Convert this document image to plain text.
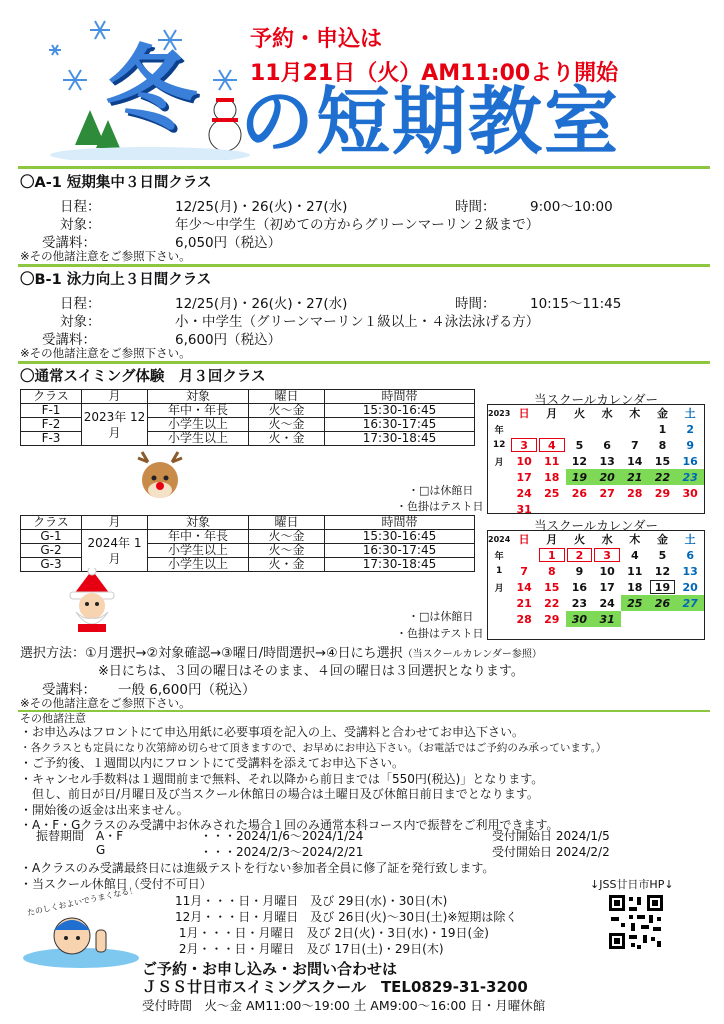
冬 予約・申込は
11月21日（火）AM11:00より開始
の短期教室
〇A-1 短期集中３日間クラス
日程：	12/25(月)・26(火)・27(水)	時間：	9:00〜10:00
対象：	年少〜中学生（初めての方からグリーンマーリン２級まで）
受講料：	6,050円（税込）
※その他諸注意をご参照下さい。
〇B-1 泳力向上３日間クラス
日程：	12/25(月)・26(火)・27(水)	時間：	10:15〜11:45
対象：	小・中学生（グリーンマーリン１級以上・４泳法泳げる方）
受講料：	6,600円（税込）
※その他諸注意をご参照下さい。
〇通常スイミング体験　月３回クラス
クラス	月	対象	曜日	時間帯
F-1	2023年 12月	年中・年長	火〜金	15:30-16:45
F-2		小学生以上	火〜金	16:30-17:45
F-3		小学生以上	火・金	17:30-18:45
・□は休館日
・色掛はテスト日
当スクールカレンダー
2023	日	月	火	水	木	金	土
年						1	2
12	3	4	5	6	7	8	9
月	10	11	12	13	14	15	16
	17	18	19	20	21	22	23
	24	25	26	27	28	29	30
	31						
クラス	月	対象	曜日	時間帯
G-1	2024年 1月	年中・年長	火〜金	15:30-16:45
G-2		小学生以上	火〜金	16:30-17:45
G-3		小学生以上	火・金	17:30-18:45
・□は休館日
・色掛はテスト日
当スクールカレンダー
2024	日	月	火	水	木	金	土
年		1	2	3	4	5	6
1	7	8	9	10	11	12	13
月	14	15	16	17	18	19	20
	21	22	23	24	25	26	27
	28	29	30	31			
選択方法：①月選択→②対象確認→③曜日/時間選択→④日にち選択（当スクールカレンダー参照）
※日にちは、３回の曜日はそのまま、４回の曜日は３回選択となります。
受講料： 一般 6,600円（税込）
※その他諸注意をご参照下さい。
その他諸注意
・お申込みはフロントにて申込用紙に必要事項を記入の上、受講料と合わせてお申込下さい。
・各クラスとも定員になり次第締め切らせて頂きますので、お早めにお申込下さい。（お電話ではご予約のみ承っています。）
・ご予約後、１週間以内にフロントにて受講料を添えてお申込下さい。
・キャンセル手数料は１週間前まで無料、それ以降から前日までは「550円(税込)」となります。
　但し、前日が日/月曜日及び当スクール休館日の場合は土曜日及び休館日前日までとなります。
・開始後の返金は出来ません。
・A・F・Gクラスのみ受講中お休みされた場合１回のみ通常本科コース内で振替をご利用できます。
振替期間 A・F	・・・2024/1/6〜2024/1/24	受付開始日 2024/1/5
G	・・・2024/2/3〜2024/2/21	受付開始日 2024/2/2
・Aクラスのみ受講最終日には進級テストを行ない参加者全員に修了証を発行致します。
・当スクール休館日（受付不可日）	↓JSS廿日市HP↓
11月・・・日・月曜日　及び 29日(水)・30日(木)
12月・・・日・月曜日　及び 26日(火)〜30日(土)※短期は除く
1月・・・日・月曜日　及び 2日(火)・3日(水)・19日(金)
2月・・・日・月曜日　及び 17日(土)・29日(木)
たのしくおよいでうまくなる！
ご予約・お申し込み・お問い合わせは
ＪＳＳ廿日市スイミングスクール　TEL0829-31-3200
受付時間　火〜金 AM11:00〜19:00 土 AM9:00〜16:00 日・月曜休館
